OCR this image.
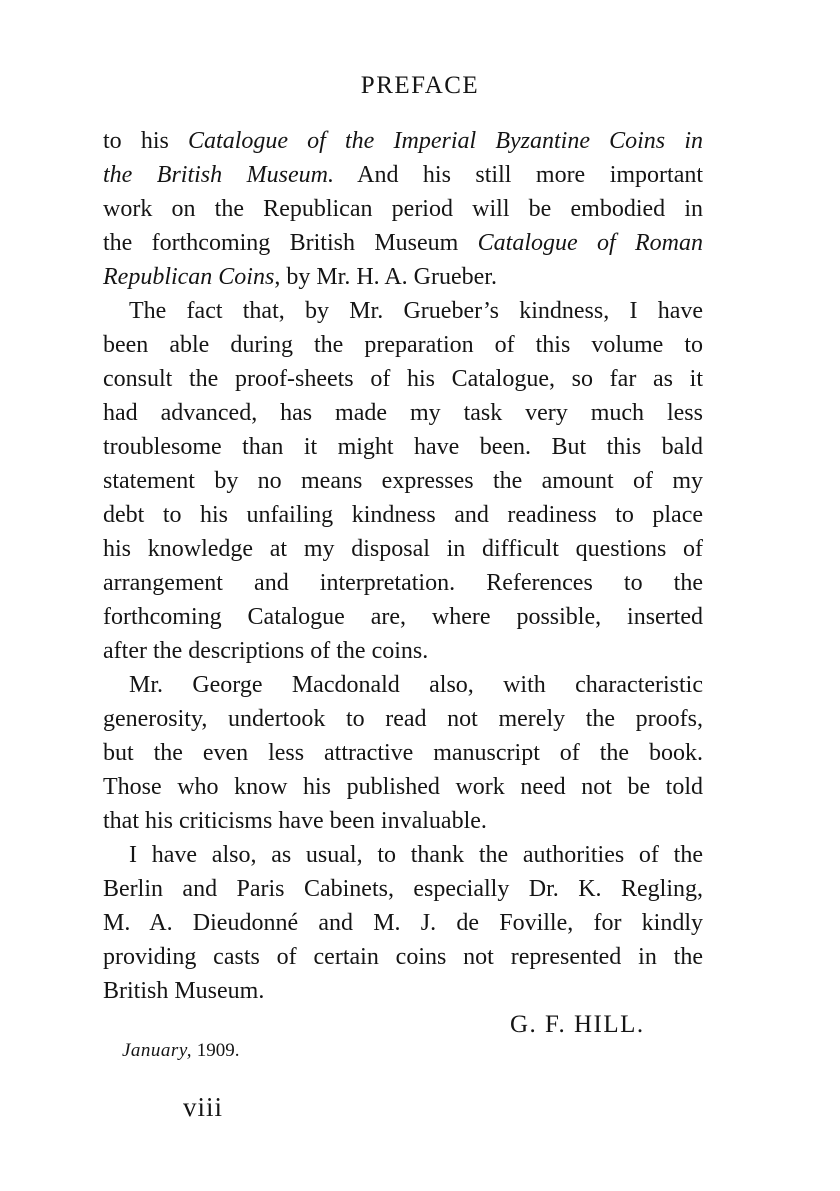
PREFACE
to his Catalogue of the Imperial Byzantine Coins in
the British Museum. And his still more important
work on the Republican period will be embodied in
the forthcoming British Museum Catalogue of Roman
Republican Coins, by Mr. H. A. Grueber.
The fact that, by Mr. Grueber’s kindness, I have
been able during the preparation of this volume to
consult the proof-sheets of his Catalogue, so far as it
had advanced, has made my task very much less
troublesome than it might have been. But this bald
statement by no means expresses the amount of my
debt to his unfailing kindness and readiness to place
his knowledge at my disposal in difficult questions of
arrangement and interpretation. References to the
forthcoming Catalogue are, where possible, inserted
after the descriptions of the coins.
Mr. George Macdonald also, with characteristic
generosity, undertook to read not merely the proofs,
but the even less attractive manuscript of the book.
Those who know his published work need not be told
that his criticisms have been invaluable.
I have also, as usual, to thank the authorities of the
Berlin and Paris Cabinets, especially Dr. K. Regling,
M. A. Dieudonné and M. J. de Foville, for kindly
providing casts of certain coins not represented in the
British Museum.
G. F. HILL.
January, 1909.
viii
